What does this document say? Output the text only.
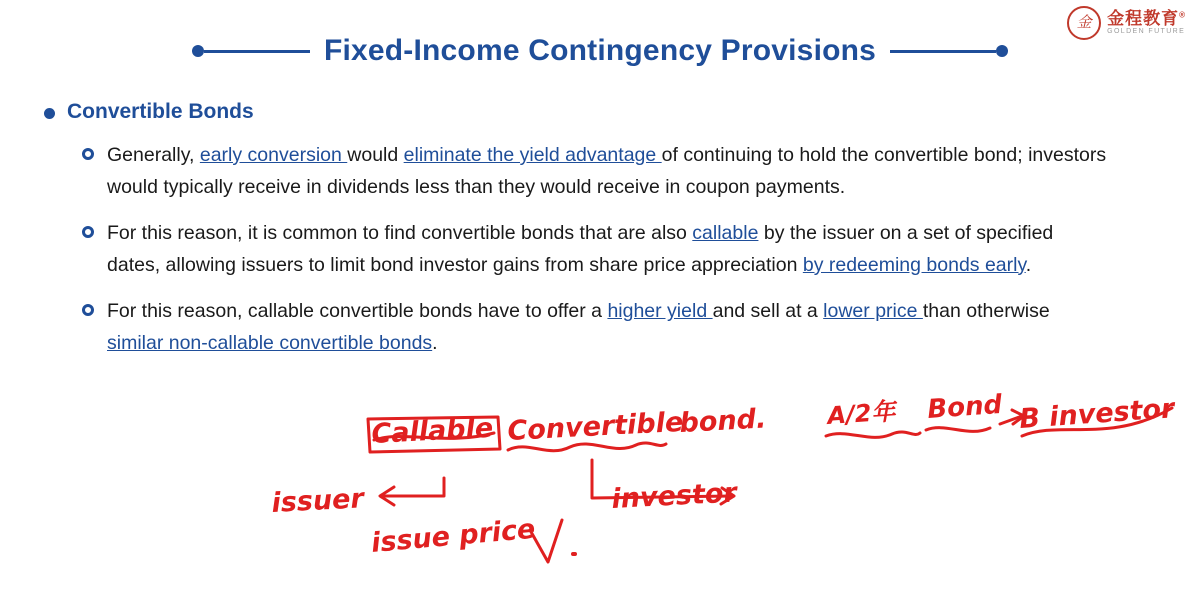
金 金程教育®
GOLDEN FUTURE
Fixed-Income Contingency Provisions
Convertible Bonds
Generally, early conversion would eliminate the yield advantage of continuing to hold the convertible bond; investors would typically receive in dividends less than they would receive in coupon payments.
For this reason, it is common to find convertible bonds that are also callable by the issuer on a set of specified dates, allowing issuers to limit bond investor gains from share price appreciation by redeeming bonds early.
For this reason, callable convertible bonds have to offer a higher yield and sell at a lower price than otherwise similar non-callable convertible bonds.
Callable Convertible
bond. A/2年 Bond B investor
issuer	investor
issue price
